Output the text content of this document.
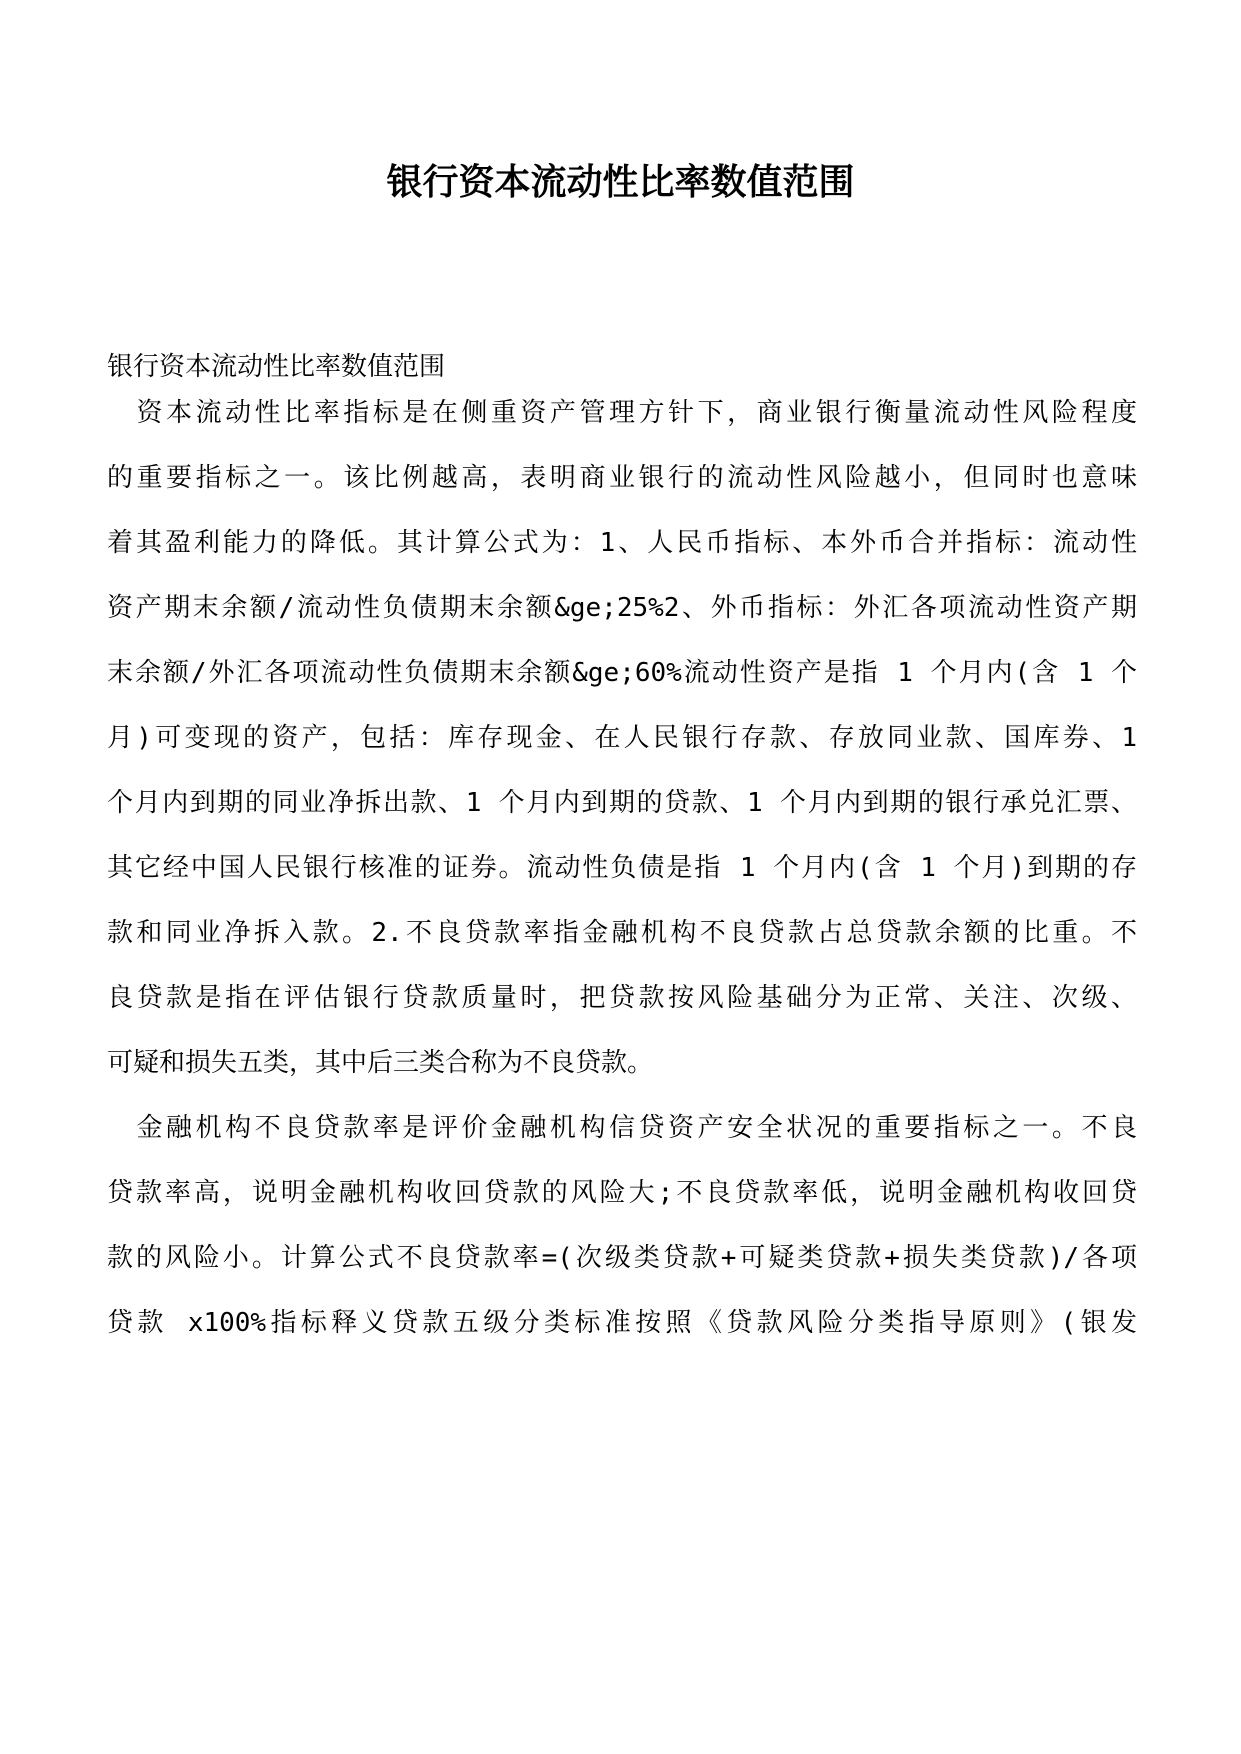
银行资本流动性比率数值范围
银行资本流动性比率数值范围
　资本流动性比率指标是在侧重资产管理方针下，商业银行衡量流动性风险程度
的重要指标之一。该比例越高，表明商业银行的流动性风险越小，但同时也意味
着其盈利能力的降低。其计算公式为：1、人民币指标、本外币合并指标：流动性
资产期末余额/流动性负债期末余额&ge;25%2、外币指标：外汇各项流动性资产期
末余额/外汇各项流动性负债期末余额&ge;60%流动性资产是指 1 个月内(含 1 个
月)可变现的资产，包括：库存现金、在人民银行存款、存放同业款、国库券、1
个月内到期的同业净拆出款、1 个月内到期的贷款、1 个月内到期的银行承兑汇票、
其它经中国人民银行核准的证券。流动性负债是指 1 个月内(含 1 个月)到期的存
款和同业净拆入款。2.不良贷款率指金融机构不良贷款占总贷款余额的比重。不
良贷款是指在评估银行贷款质量时，把贷款按风险基础分为正常、关注、次级、
可疑和损失五类，其中后三类合称为不良贷款。
　金融机构不良贷款率是评价金融机构信贷资产安全状况的重要指标之一。不良
贷款率高，说明金融机构收回贷款的风险大;不良贷款率低，说明金融机构收回贷
款的风险小。计算公式不良贷款率=(次级类贷款+可疑类贷款+损失类贷款)/各项
贷款 x100%指标释义贷款五级分类标准按照《贷款风险分类指导原则》(银发
